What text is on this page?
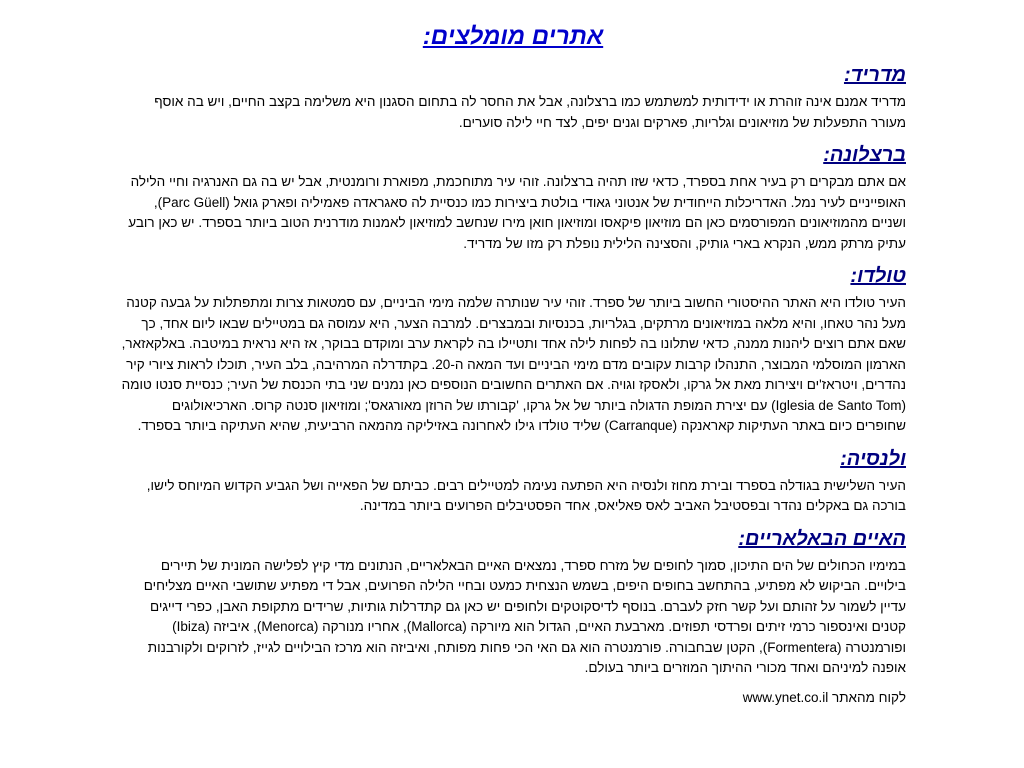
אתרים מומלצים:
מדריד:
מדריד אמנם אינה זוהרת או ידידותית למשתמש כמו ברצלונה, אבל את החסר לה בתחום הסגנון היא משלימה בקצב החיים, ויש בה אוסף מעורר התפעלות של מוזיאונים וגלריות, פארקים וגנים יפים, לצד חיי לילה סוערים.
ברצלונה:
אם אתם מבקרים רק בעיר אחת בספרד, כדאי שזו תהיה ברצלונה. זוהי עיר מתוחכמת, מפוארת ורומנטית, אבל יש בה גם האנרגיה וחיי הלילה האופייניים לעיר נמל. האדריכלות הייחודית של אנטוני גאודי בולטת ביצירות כמו כנסיית לה סאגראדה פאמיליה ופארק גואל (Parc Güell), ושניים מהמוזיאונים המפורסמים כאן הם מוזיאון פיקאסו ומוזיאון חואן מירו שנחשב למוזיאון לאמנות מודרנית הטוב ביותר בספרד. יש כאן רובע עתיק מרתק ממש, הנקרא בארי גותיק, והסצינה הלילית נופלת רק מזו של מדריד.
טולדו:
העיר טולדו היא האתר ההיסטורי החשוב ביותר של ספרד. זוהי עיר שנותרה שלמה מימי הביניים, עם סמטאות צרות ומתפתלות על גבעה קטנה מעל נהר טאחו, והיא מלאה במוזיאונים מרתקים, בגלריות, בכנסיות ובמבצרים. למרבה הצער, היא עמוסה גם במטיילים שבאו ליום אחד, כך שאם אתם רוצים ליהנות ממנה, כדאי שתלונו בה לפחות לילה אחד ותטיילו בה לקראת ערב ומוקדם בבוקר, אז היא נראית במיטבה. באלקאזאר, הארמון המוסלמי המבוצר, התנהלו קרבות עקובים מדם מימי הביניים ועד המאה ה-20. בקתדרלה המרהיבה, בלב העיר, תוכלו לראות ציורי קיר נהדרים, ויטראז'ים ויצירות מאת אל גרקו, ולאסקז וגויה. אם האתרים החשובים הנוספים כאן נמנים שני בתי הכנסת של העיר; כנסיית סנטו טומה (Iglesia de Santo Tom) עם יצירת המופת הדגולה ביותר של אל גרקו, 'קבורתו של הרוזן מאורגאס'; ומוזיאון סנטה קרוס. הארכיאולוגים שחופרים כיום באתר העתיקות קאראנקה (Carranque) שליד טולדו גילו לאחרונה באזיליקה מהמאה הרביעית, שהיא העתיקה ביותר בספרד.
ולנסיה:
העיר השלישית בגודלה בספרד ובירת מחוז ולנסיה היא הפתעה נעימה למטיילים רבים. כביתם של הפאייה ושל הגביע הקדוש המיוחס לישו, בורכה גם באקלים נהדר ובפסטיבל האביב לאס פאליאס, אחד הפסטיבלים הפרועים ביותר במדינה.
האיים הבאלאריים:
במימיו הכחולים של הים התיכון, סמוך לחופים של מזרח ספרד, נמצאים האיים הבאלאריים, הנתונים מדי קיץ לפלישה המונית של תיירים בילויים. הביקוש לא מפתיע, בהתחשב בחופים היפים, בשמש הנצחית כמעט ובחיי הלילה הפרועים, אבל די מפתיע שתושבי האיים מצליחים עדיין לשמור על זהותם ועל קשר חזק לעברם. בנוסף לדיסקוטקים ולחופים יש כאן גם קתדרלות גותיות, שרידים מתקופת האבן, כפרי דייגים קטנים ואינספור כרמי זיתים ופרדסי תפוזים. מארבעת האיים, הגדול הוא מיורקה (Mallorca), אחריו מנורקה (Menorca), איביזה (Ibiza) ופורמנטרה (Formentera), הקטן שבחבורה. פורמנטרה הוא גם האי הכי פחות מפותח, ואיביזה הוא מרכז הבילויים לגייז, לזרוקים ולקורבנות אופנה למיניהם ואחד מכורי ההיתוך המוזרים ביותר בעולם.
לקוח מהאתר www.ynet.co.il
